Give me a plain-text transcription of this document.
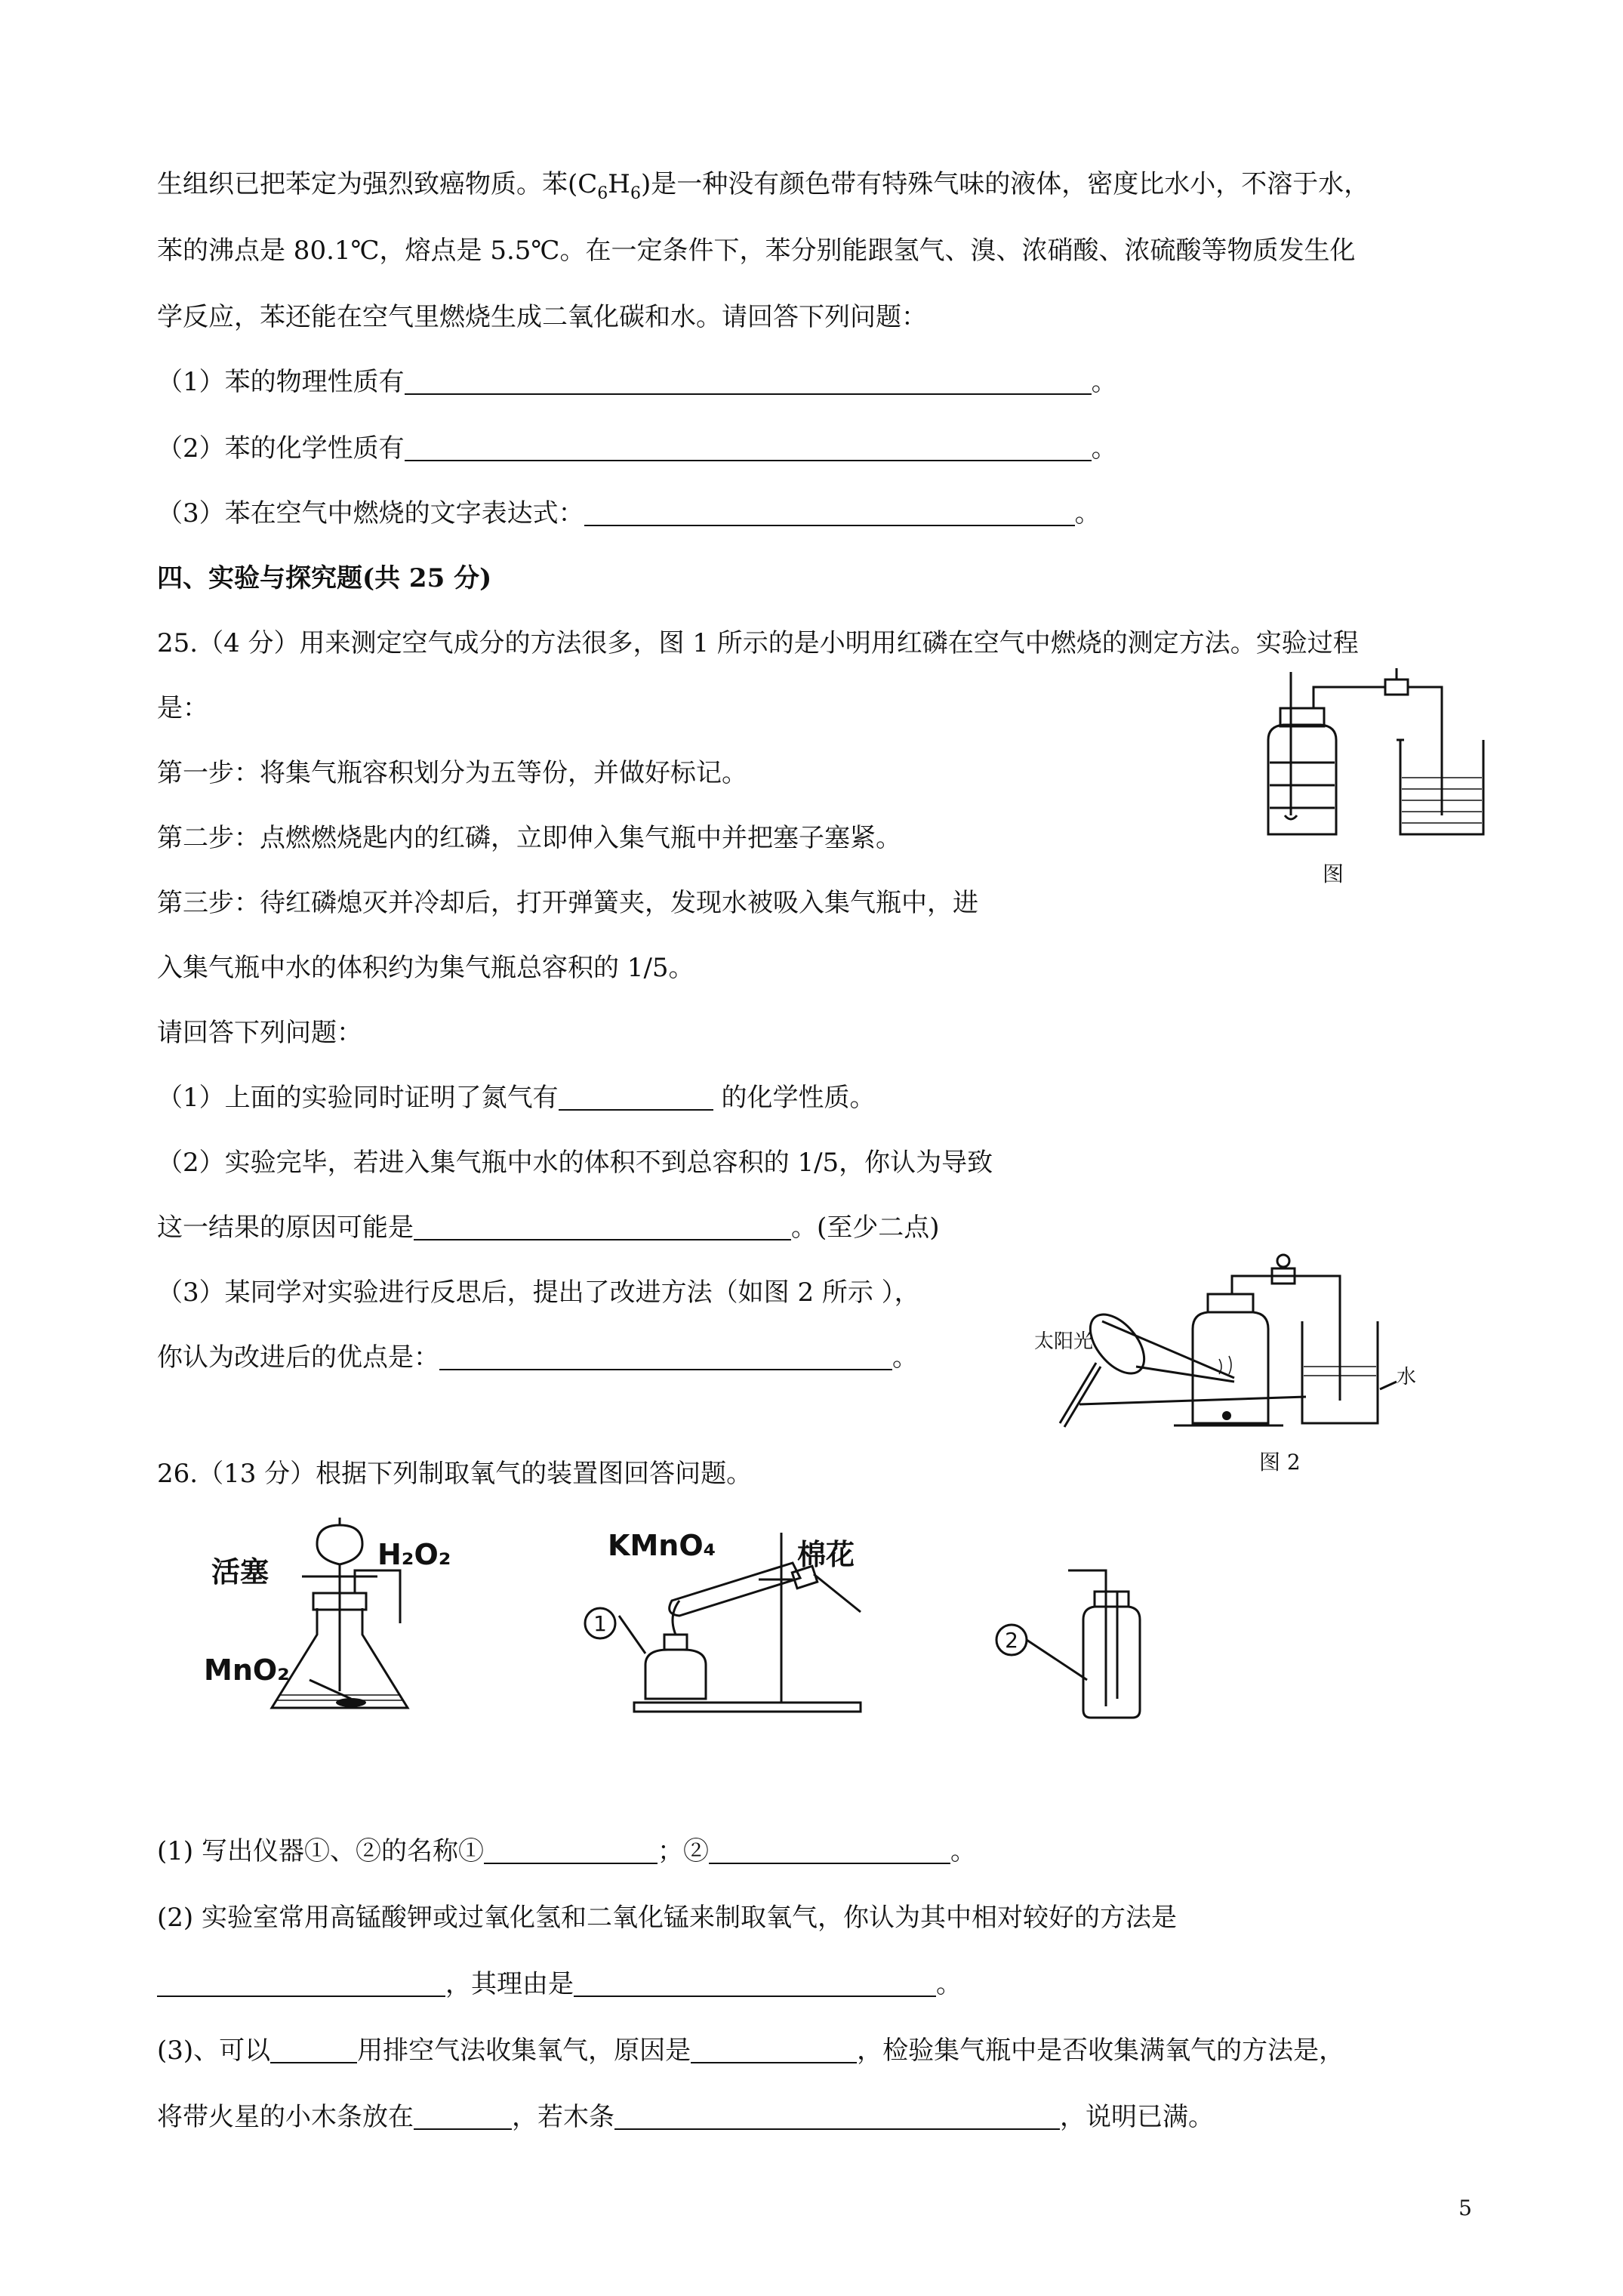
生组织已把苯定为强烈致癌物质。苯$(C_6H_6)$是一种没有颜色带有特殊气味的液体，密度比水小，不溶于水，
苯的沸点是 80.1℃，熔点是 5.5℃。在一定条件下，苯分别能跟氢气、溴、浓硝酸、浓硫酸等物质发生化
学反应，苯还能在空气里燃烧生成二氧化碳和水。请回答下列问题：
（1）苯的物理性质有	。
（2）苯的化学性质有	。
（3）苯在空气中燃烧的文字表达式：	。
四、实验与探究题(共 25 分)
25.（4 分）用来测定空气成分的方法很多，图 1 所示的是小明用红磷在空气中燃烧的测定方法。实验过程
是：
第一步：将集气瓶容积划分为五等份，并做好标记。
第二步：点燃燃烧匙内的红磷，立即伸入集气瓶中并把塞子塞紧。
第三步：待红磷熄灭并冷却后，打开弹簧夹，发现水被吸入集气瓶中，进
入集气瓶中水的体积约为集气瓶总容积的 1/5。
请回答下列问题：
（1）上面的实验同时证明了氮气有	的化学性质。
（2）实验完毕，若进入集气瓶中水的体积不到总容积的 1/5，你认为导致
这一结果的原因可能是	。(至少二点)
（3）某同学对实验进行反思后，提出了改进方法（如图 2 所示 ），
你认为改进后的优点是：	。
图
太阳光
水
图 2
26.（13 分）根据下列制取氧气的装置图回答问题。
活塞
H₂O₂
MnO₂
KMnO₄	棉花
1
2
(1) 写出仪器①、②的名称①	；②	。
(2) 实验室常用高锰酸钾或过氧化氢和二氧化锰来制取氧气，你认为其中相对较好的方法是
，其理由是	。
(3)、可以	用排空气法收集氧气，原因是	，检验集气瓶中是否收集满氧气的方法是，
将带火星的小木条放在	，若木条	，说明已满。
5
